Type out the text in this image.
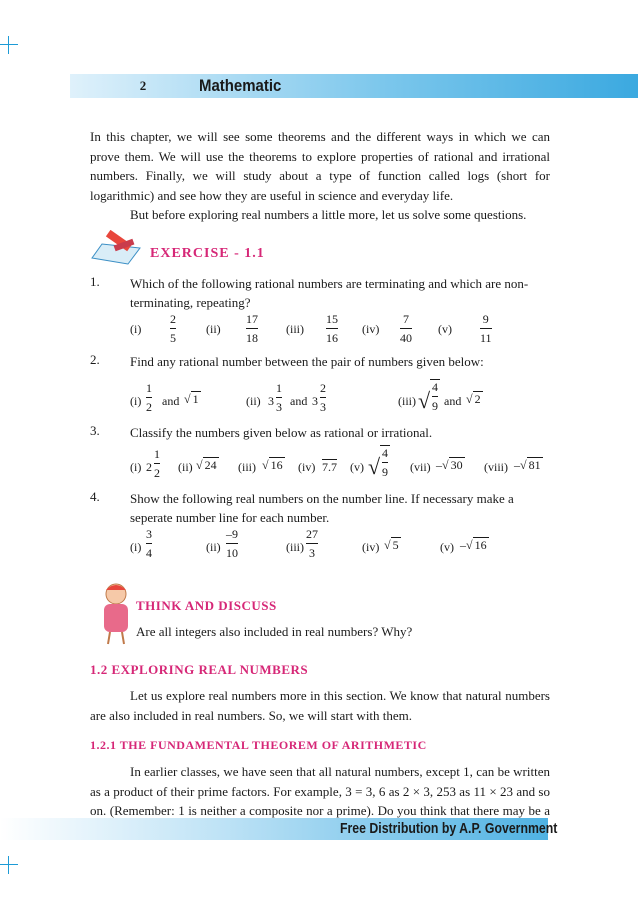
2	Mathematic
In this chapter, we will see some theorems and the different ways in which we can prove them. We will use the theorems to explore properties of rational and irrational numbers. Finally, we will study about a type of function called logs (short for logarithmic) and see how they are useful in science and everyday life.
But before exploring real numbers a little more, let us solve some questions.
EXERCISE - 1.1
1. Which of the following rational numbers are terminating and which are non-terminating, repeating?
(i)
2
5
(ii)
17
18
(iii)
15
16
(iv)
7
40
(v)
9
11
2. Find any rational number between the pair of numbers given below:
(i)
1
2 and √ 1	(ii) 3
1
3 and 3
2
3	(iii) √
4
9 and √ 2
3. Classify the numbers given below as rational or irrational.
(i) 2
1
2 (ii) √ 24 (iii) √ 16 (iv) 7.7 (v) √
4
9 (vii) –√ 30 (viii) –√ 81
4. Show the following real numbers on the number line. If necessary make a seperate number line for each number.
(i)
3
4	(ii)
–9
10	(iii)
27
3	(iv) √ 5	(v) –√ 16
THINK AND DISCUSS
Are all integers also included in real numbers? Why?
1.2 EXPLORING REAL NUMBERS
Let us explore real numbers more in this section. We know that natural numbers are also included in real numbers. So, we will start with them.
1.2.1 THE FUNDAMENTAL THEOREM OF ARITHMETIC
In earlier classes, we have seen that all natural numbers, except 1, can be written as a product of their prime factors. For example, 3 = 3, 6 as 2 × 3, 253 as 11 × 23 and so on. (Remember: 1 is neither a composite nor a prime). Do you think that there may be a
Free Distribution by A.P. Government
